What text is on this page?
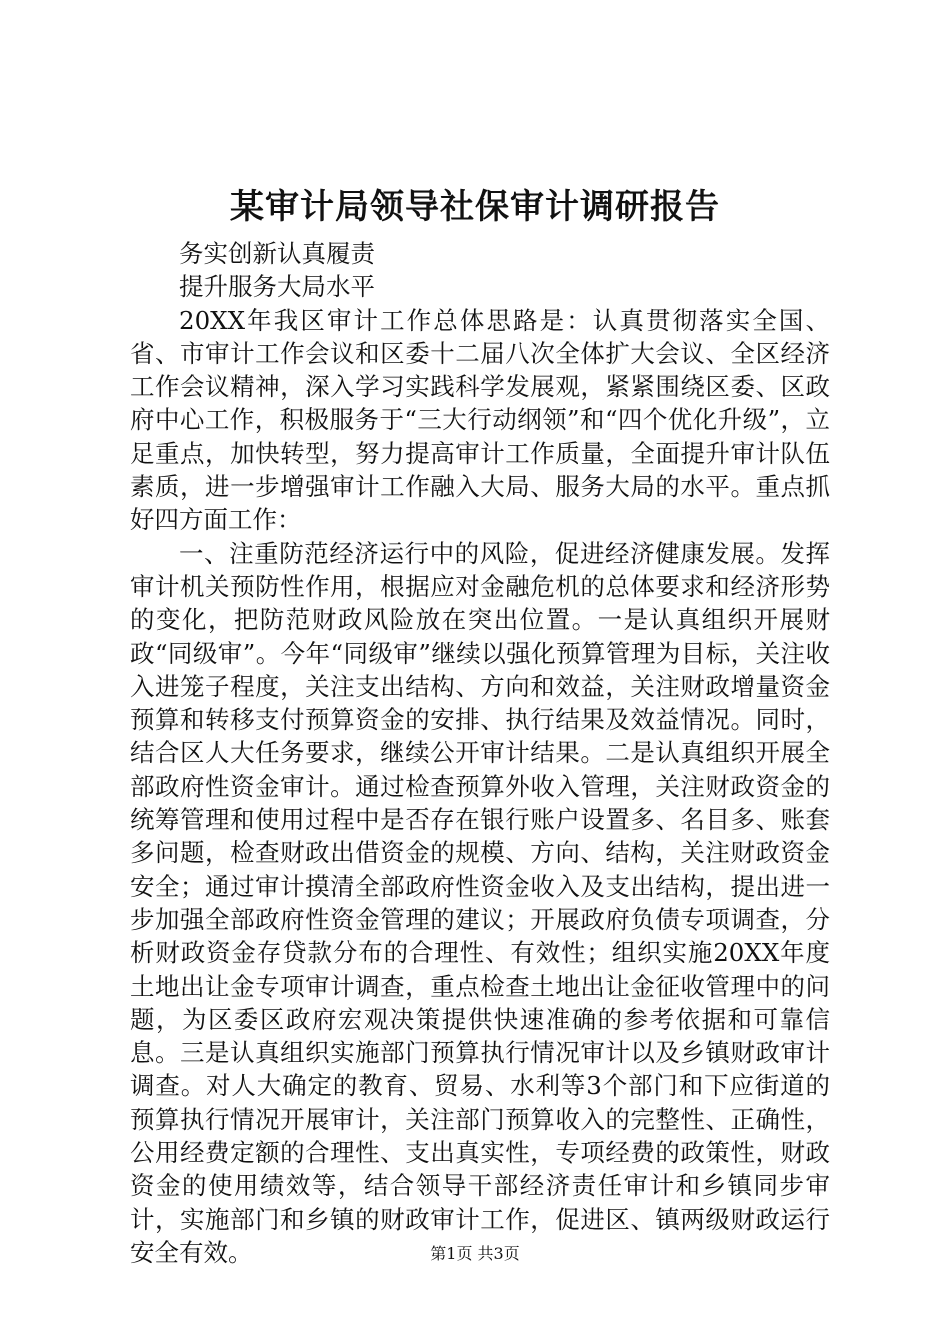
某审计局领导社保审计调研报告

务实创新认真履责

提升服务大局水平

20XX年我区审计工作总体思路是：认真贯彻落实全国、省、市审计工作会议和区委十二届八次全体扩大会议、全区经济工作会议精神，深入学习实践科学发展观，紧紧围绕区委、区政府中心工作，积极服务于“三大行动纲领”和“四个优化升级”，立足重点，加快转型，努力提高审计工作质量，全面提升审计队伍素质，进一步增强审计工作融入大局、服务大局的水平。重点抓好四方面工作：

一、注重防范经济运行中的风险，促进经济健康发展。发挥审计机关预防性作用，根据应对金融危机的总体要求和经济形势的变化，把防范财政风险放在突出位置。一是认真组织开展财政“同级审”。今年“同级审”继续以强化预算管理为目标，关注收入进笼子程度，关注支出结构、方向和效益，关注财政增量资金预算和转移支付预算资金的安排、执行结果及效益情况。同时，结合区人大任务要求，继续公开审计结果。二是认真组织开展全部政府性资金审计。通过检查预算外收入管理，关注财政资金的统筹管理和使用过程中是否存在银行账户设置多、名目多、账套多问题，检查财政出借资金的规模、方向、结构，关注财政资金安全；通过审计摸清全部政府性资金收入及支出结构，提出进一步加强全部政府性资金管理的建议；开展政府负债专项调查，分析财政资金存贷款分布的合理性、有效性；组织实施20XX年度土地出让金专项审计调查，重点检查土地出让金征收管理中的问题，为区委区政府宏观决策提供快速准确的参考依据和可靠信息。三是认真组织实施部门预算执行情况审计以及乡镇财政审计调查。对人大确定的教育、贸易、水利等3个部门和下应街道的预算执行情况开展审计，关注部门预算收入的完整性、正确性，公用经费定额的合理性、支出真实性，专项经费的政策性，财政资金的使用绩效等，结合领导干部经济责任审计和乡镇同步审计，实施部门和乡镇的财政审计工作，促进区、镇两级财政运行安全有效。	第1页 共3页
